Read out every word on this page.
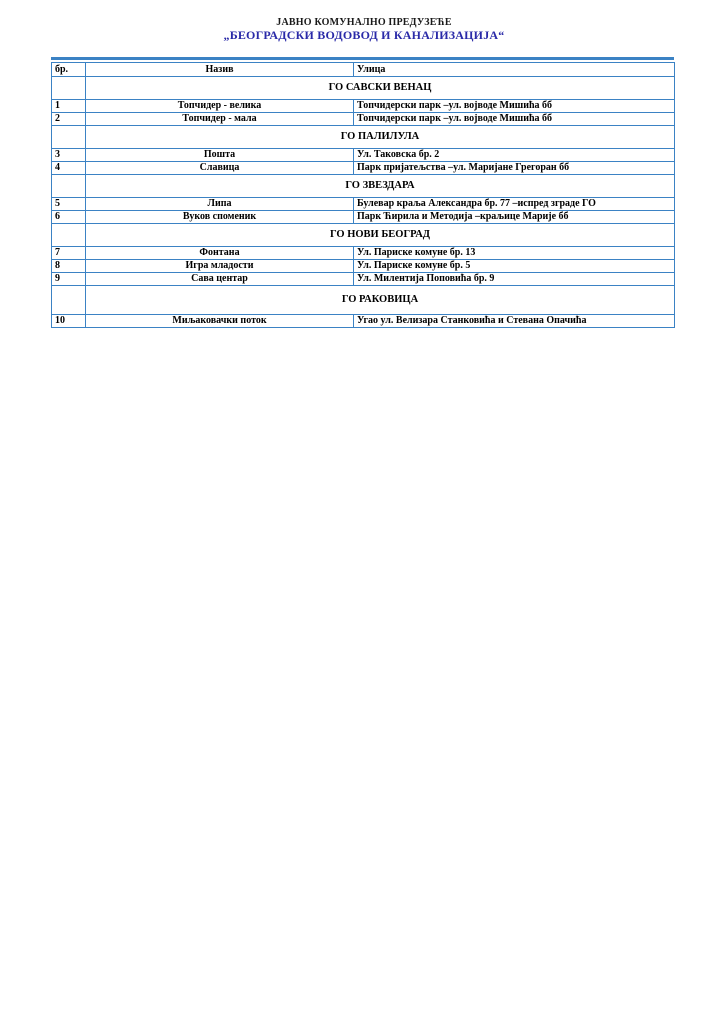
ЈАВНО КОМУНАЛНО ПРЕДУЗЕЋЕ
„БЕОГРАДСКИ ВОДОВОД И КАНАЛИЗАЦИЈА“
бр.	Назив	Улица
	ГО САВСКИ ВЕНАЦ	
1	Топчидер - велика	Топчидерски парк –ул. војводе Мишића бб
2	Топчидер - мала	Топчидерски парк –ул. војводе Мишића бб
	ГО ПАЛИЛУЛА	
3	Пошта	Ул. Таковска бр. 2
4	Славица	Парк пријатељства –ул. Маријане Грегоран бб
	ГО ЗВЕЗДАРА	
5	Липа	Булевар краља Александра бр. 77 –испред зграде ГО
6	Вуков споменик	Парк Ћирила и Методија –краљице Марије бб
	ГО НОВИ БЕОГРАД	
7	Фонтана	Ул. Париске комуне бр. 13
8	Игра младости	Ул. Париске комуне бр. 5
9	Сава центар	Ул. Милентија Поповића бр. 9
	ГО РАКОВИЦА	
10	Миљаковачки поток	Угао ул. Велизара Станковића и Стевана Опачића
